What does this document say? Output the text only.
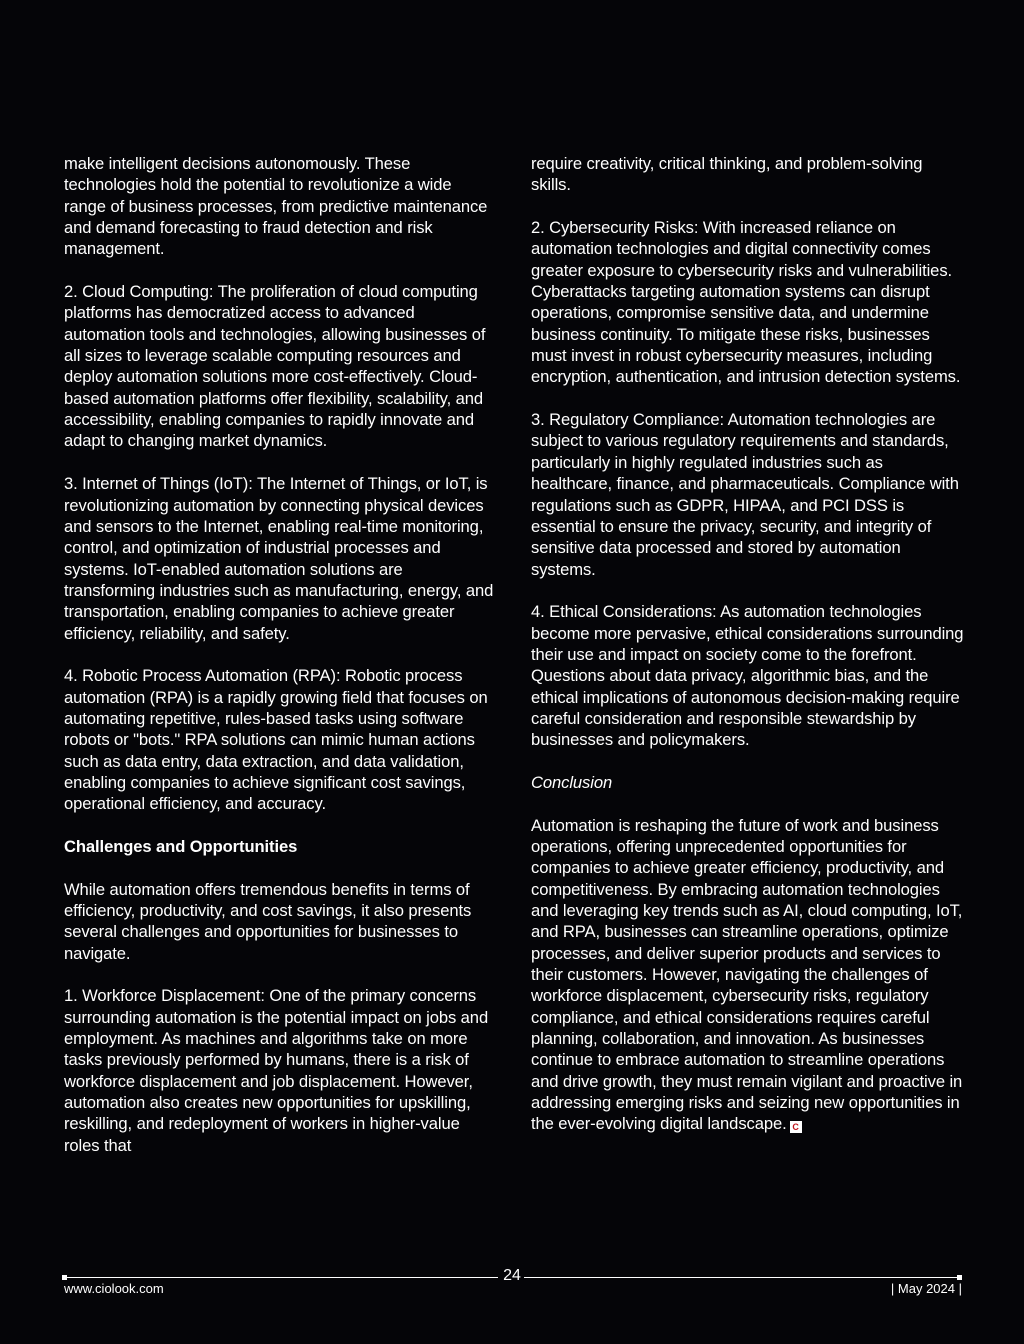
make intelligent decisions autonomously. These technologies hold the potential to revolutionize a wide range of business processes, from predictive maintenance and demand forecasting to fraud detection and risk management.

2. Cloud Computing: The proliferation of cloud computing platforms has democratized access to advanced automation tools and technologies, allowing businesses of all sizes to leverage scalable computing resources and deploy automation solutions more cost-effectively. Cloud-based automation platforms offer flexibility, scalability, and accessibility, enabling companies to rapidly innovate and adapt to changing market dynamics.

3. Internet of Things (IoT): The Internet of Things, or IoT, is revolutionizing automation by connecting physical devices and sensors to the Internet, enabling real-time monitoring, control, and optimization of industrial processes and systems. IoT-enabled automation solutions are transforming industries such as manufacturing, energy, and transportation, enabling companies to achieve greater efficiency, reliability, and safety.

4. Robotic Process Automation (RPA): Robotic process automation (RPA) is a rapidly growing field that focuses on automating repetitive, rules-based tasks using software robots or "bots." RPA solutions can mimic human actions such as data entry, data extraction, and data validation, enabling companies to achieve significant cost savings, operational efficiency, and accuracy.

Challenges and Opportunities

While automation offers tremendous benefits in terms of efficiency, productivity, and cost savings, it also presents several challenges and opportunities for businesses to navigate.

1. Workforce Displacement: One of the primary concerns surrounding automation is the potential impact on jobs and employment. As machines and algorithms take on more tasks previously performed by humans, there is a risk of workforce displacement and job displacement. However, automation also creates new opportunities for upskilling, reskilling, and redeployment of workers in higher-value roles that

require creativity, critical thinking, and problem-solving skills.

2. Cybersecurity Risks: With increased reliance on automation technologies and digital connectivity comes greater exposure to cybersecurity risks and vulnerabilities. Cyberattacks targeting automation systems can disrupt operations, compromise sensitive data, and undermine business continuity. To mitigate these risks, businesses must invest in robust cybersecurity measures, including encryption, authentication, and intrusion detection systems.

3. Regulatory Compliance: Automation technologies are subject to various regulatory requirements and standards, particularly in highly regulated industries such as healthcare, finance, and pharmaceuticals. Compliance with regulations such as GDPR, HIPAA, and PCI DSS is essential to ensure the privacy, security, and integrity of sensitive data processed and stored by automation systems.

4. Ethical Considerations: As automation technologies become more pervasive, ethical considerations surrounding their use and impact on society come to the forefront. Questions about data privacy, algorithmic bias, and the ethical implications of autonomous decision-making require careful consideration and responsible stewardship by businesses and policymakers.

Conclusion

Automation is reshaping the future of work and business operations, offering unprecedented opportunities for companies to achieve greater efficiency, productivity, and competitiveness. By embracing automation technologies and leveraging key trends such as AI, cloud computing, IoT, and RPA, businesses can streamline operations, optimize processes, and deliver superior products and services to their customers. However, navigating the challenges of workforce displacement, cybersecurity risks, regulatory compliance, and ethical considerations requires careful planning, collaboration, and innovation. As businesses continue to embrace automation to streamline operations and drive growth, they must remain vigilant and proactive in addressing emerging risks and seizing new opportunities in the ever-evolving digital landscape. C

24
www.ciolook.com	| May 2024 |
